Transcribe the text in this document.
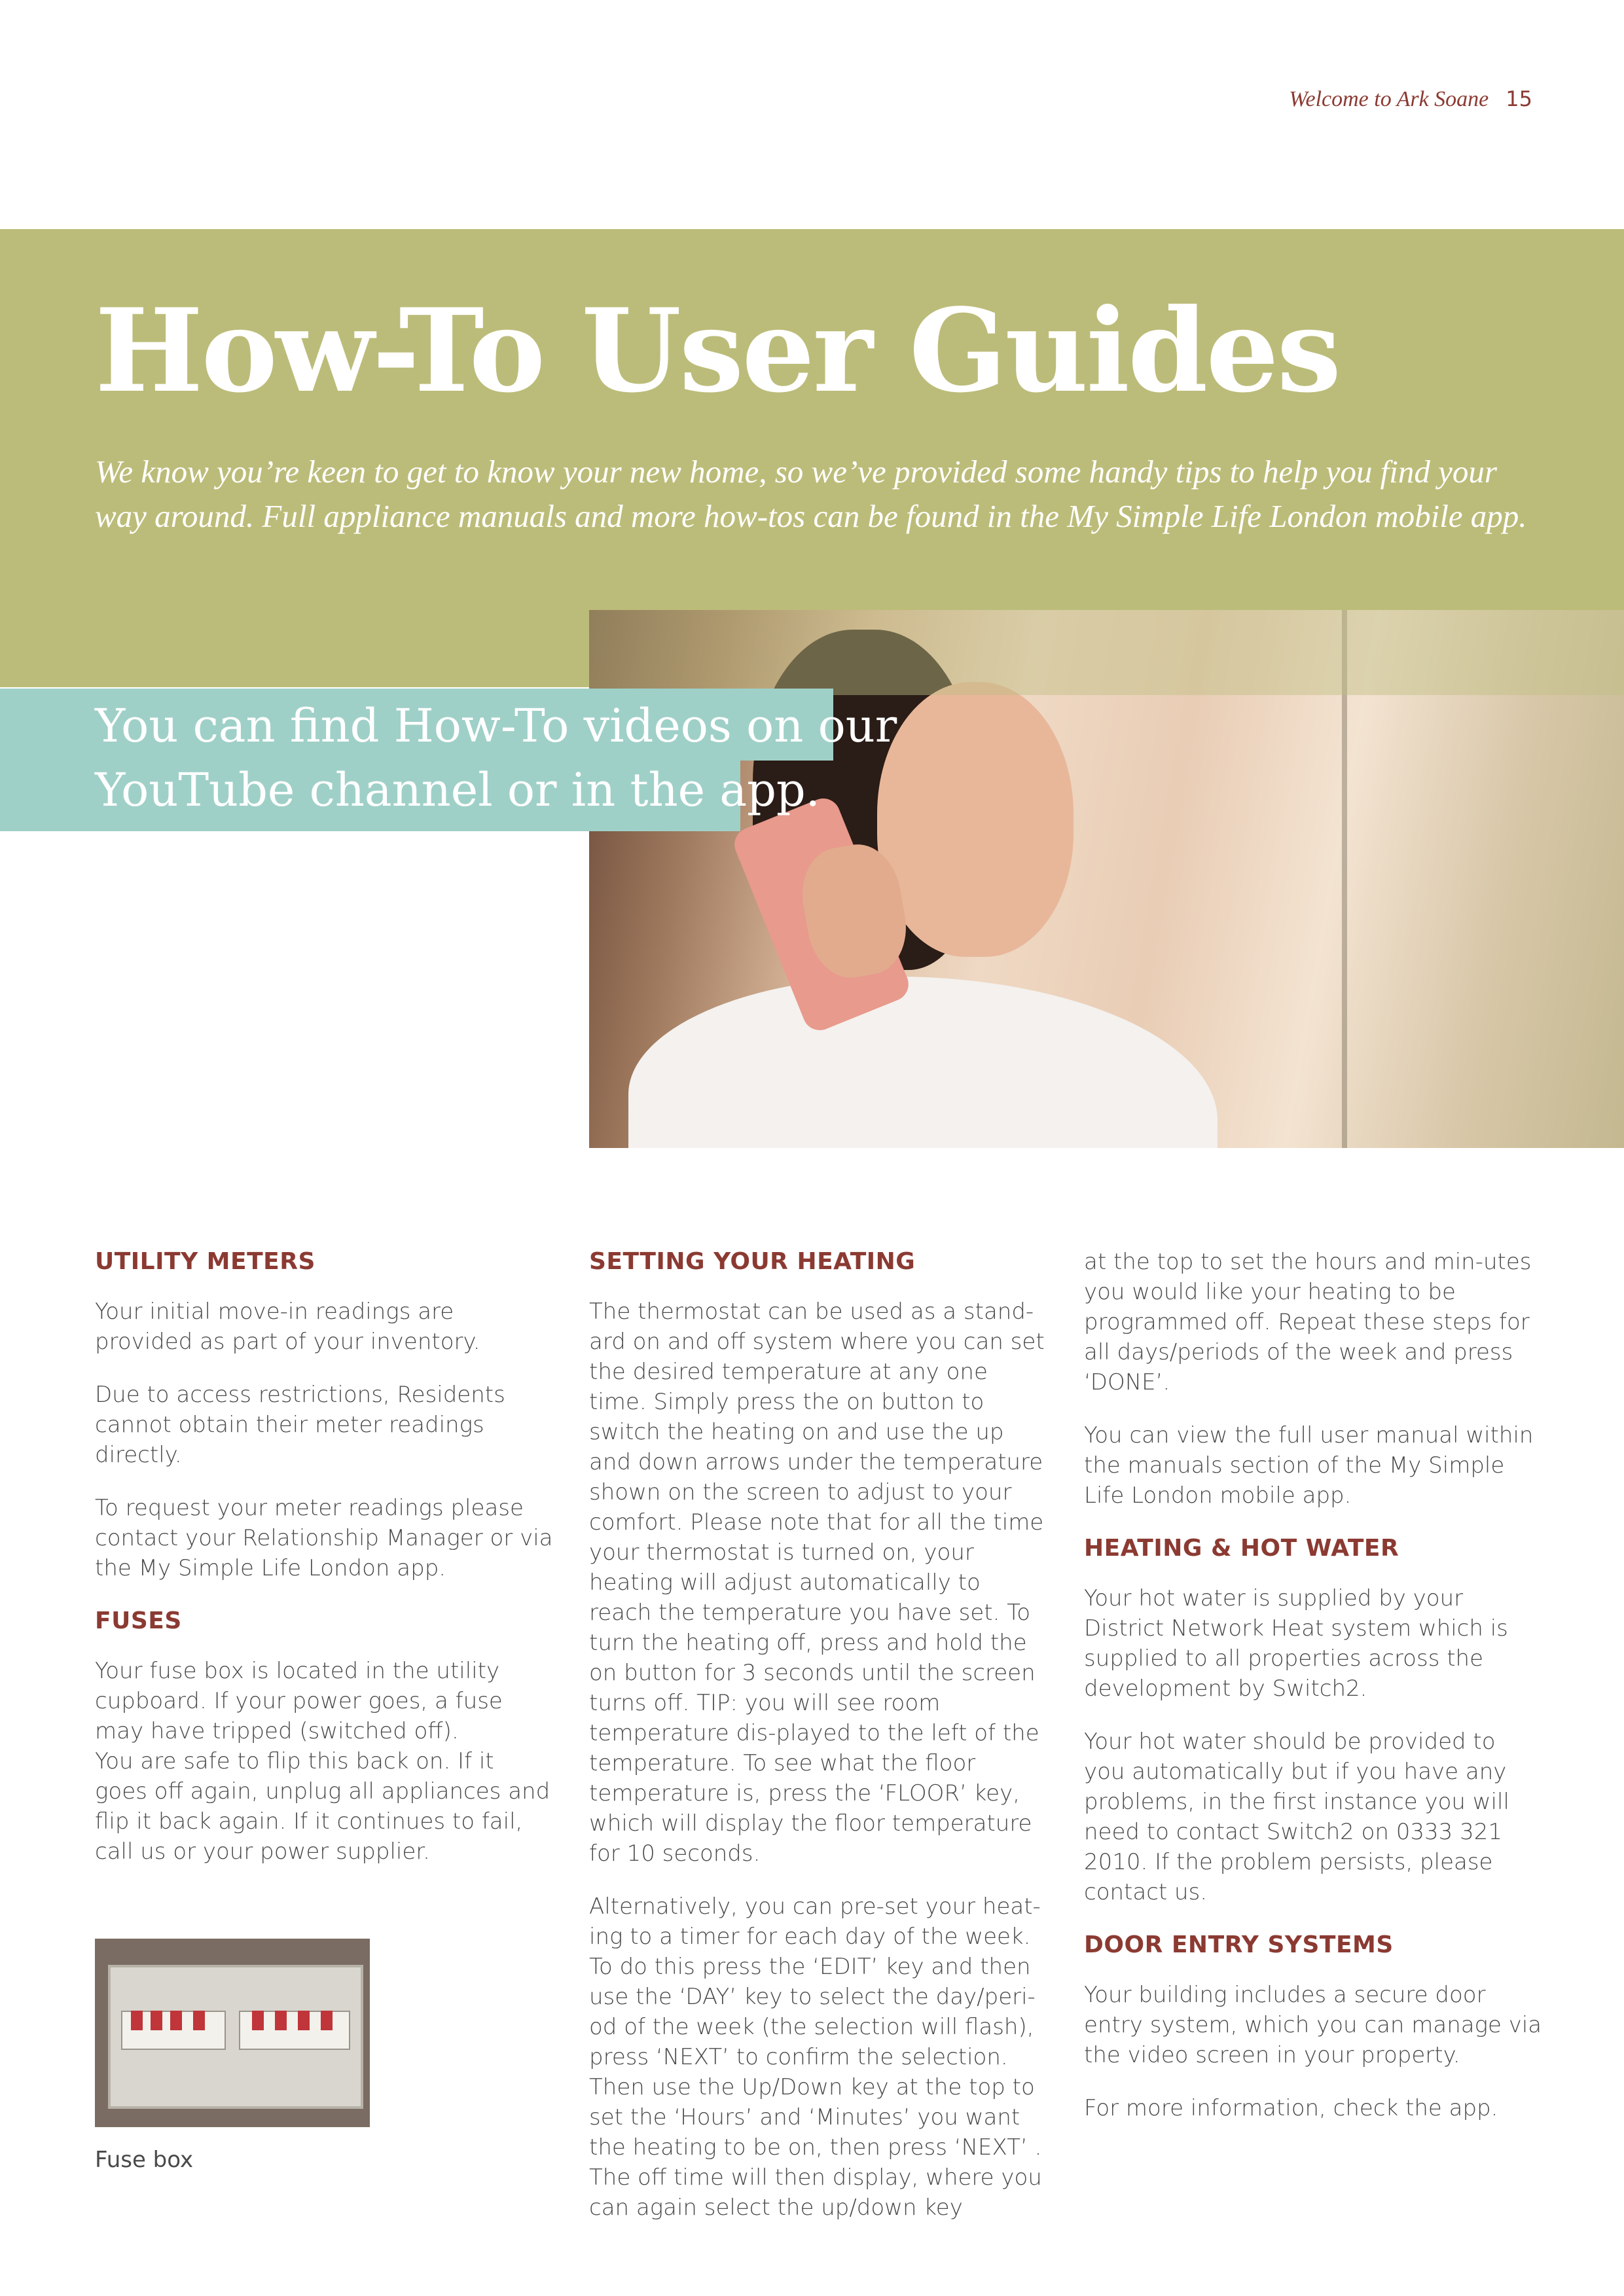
Welcome to Ark Soane 15
How-To User Guides

We know you’re keen to get to know your new home, so we’ve provided some handy tips to help you find your way around. Full appliance manuals and more how-tos can be found in the My Simple Life London mobile app.

You can find How-To videos on our
YouTube channel or in the app.
UTILITY METERS

Your initial move-in readings are provided as part of your inventory.

Due to access restrictions, Residents cannot obtain their meter readings directly.

To request your meter readings please contact your Relationship Manager or via the My Simple Life London app.

FUSES

Your fuse box is located in the utility cupboard. If your power goes, a fuse may have tripped (switched off).

You are safe to flip this back on. If it goes off again, unplug all appliances and flip it back again. If it continues to fail, call us or your power supplier.

Fuse box
SETTING YOUR HEATING

The thermostat can be used as a stand-ard on and off system where you can set the desired temperature at any one time. Simply press the on button to switch the heating on and use the up and down arrows under the temperature shown on the screen to adjust to your comfort. Please note that for all the time your thermostat is turned on, your heating will adjust automatically to reach the temperature you have set. To turn the heating off, press and hold the on button for 3 seconds until the screen turns off. TIP: you will see room temperature dis-played to the left of the temperature. To see what the floor temperature is, press the ‘FLOOR’ key, which will display the floor temperature for 10 seconds.

Alternatively, you can pre-set your heat-ing to a timer for each day of the week. To do this press the ‘EDIT’ key and then use the ‘DAY’ key to select the day/peri-od of the week (the selection will flash), press ‘NEXT’ to confirm the selection. Then use the Up/Down key at the top to set the ‘Hours’ and ‘Minutes’ you want the heating to be on, then press ‘NEXT’ . The off time will then display, where you can again select the up/down key

at the top to set the hours and min-utes you would like your heating to be programmed off. Repeat these steps for all days/periods of the week and press ‘DONE’.

You can view the full user manual within the manuals section of the My Simple Life London mobile app.

HEATING & HOT WATER

Your hot water is supplied by your District Network Heat system which is supplied to all properties across the development by Switch2.

Your hot water should be provided to you automatically but if you have any problems, in the first instance you will need to contact Switch2 on 0333 321 2010. If the problem persists, please contact us.

DOOR ENTRY SYSTEMS

Your building includes a secure door entry system, which you can manage via the video screen in your property.

For more information, check the app.
